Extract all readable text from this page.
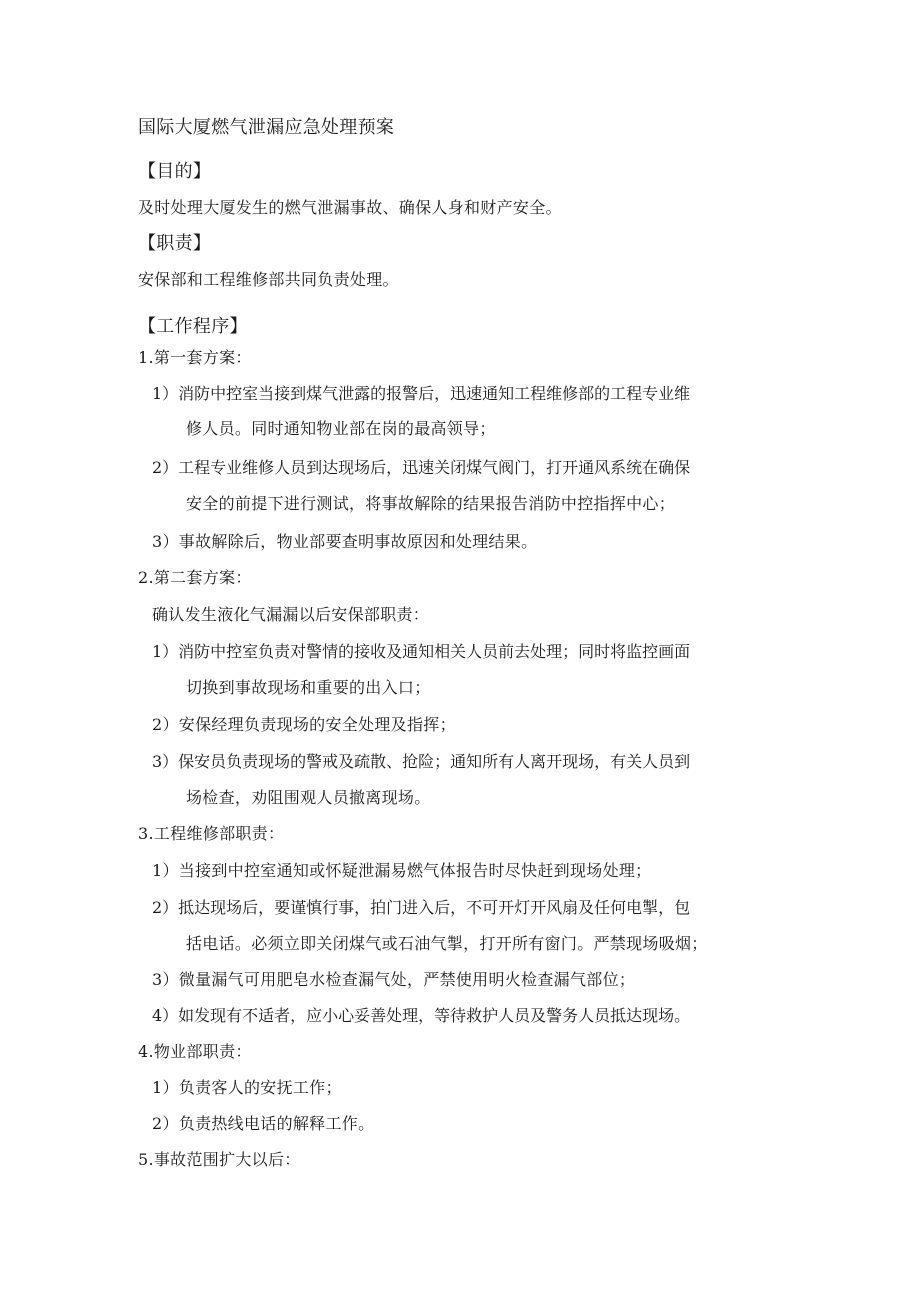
国际大厦燃气泄漏应急处理预案
【目的】
及时处理大厦发生的燃气泄漏事故、确保人身和财产安全。
【职责】
安保部和工程维修部共同负责处理。
【工作程序】
1.第一套方案：
1）消防中控室当接到煤气泄露的报警后，迅速通知工程维修部的工程专业维
修人员。同时通知物业部在岗的最高领导；
2）工程专业维修人员到达现场后，迅速关闭煤气阀门，打开通风系统在确保
安全的前提下进行测试，将事故解除的结果报告消防中控指挥中心；
3）事故解除后，物业部要查明事故原因和处理结果。
2.第二套方案：
确认发生液化气漏漏以后安保部职责：
1）消防中控室负责对警情的接收及通知相关人员前去处理；同时将监控画面
切换到事故现场和重要的出入口；
2）安保经理负责现场的安全处理及指挥；
3）保安员负责现场的警戒及疏散、抢险；通知所有人离开现场，有关人员到
场检查，劝阻围观人员撤离现场。
3.工程维修部职责：
1）当接到中控室通知或怀疑泄漏易燃气体报告时尽快赶到现场处理；
2）抵达现场后，要谨慎行事，拍门进入后，不可开灯开风扇及任何电掣，包
括电话。必须立即关闭煤气或石油气掣，打开所有窗门。严禁现场吸烟；
3）微量漏气可用肥皂水检查漏气处，严禁使用明火检查漏气部位；
4）如发现有不适者，应小心妥善处理，等待救护人员及警务人员抵达现场。
4.物业部职责：
1）负责客人的安抚工作；
2）负责热线电话的解释工作。
5.事故范围扩大以后：
